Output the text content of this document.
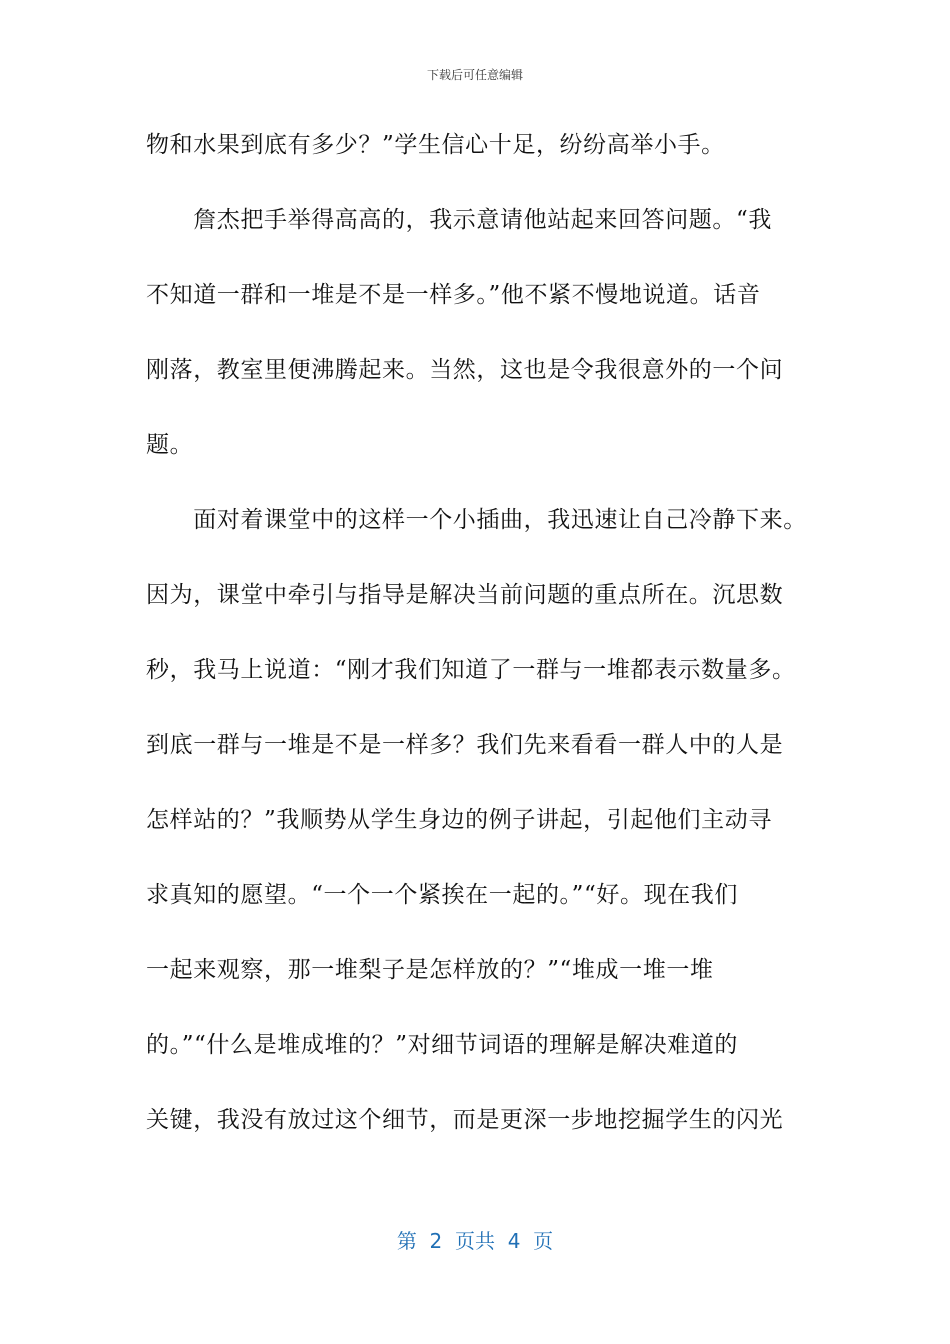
下载后可任意编辑
物和水果到底有多少？”学生信心十足，纷纷高举小手。
　　詹杰把手举得高高的，我示意请他站起来回答问题。“我
不知道一群和一堆是不是一样多。”他不紧不慢地说道。话音
刚落，教室里便沸腾起来。当然，这也是令我很意外的一个问
题。
　　面对着课堂中的这样一个小插曲，我迅速让自己冷静下来。
因为，课堂中牵引与指导是解决当前问题的重点所在。沉思数
秒，我马上说道：“刚才我们知道了一群与一堆都表示数量多。
到底一群与一堆是不是一样多？我们先来看看一群人中的人是
怎样站的？”我顺势从学生身边的例子讲起，引起他们主动寻
求真知的愿望。“一个一个紧挨在一起的。”“好。现在我们
一起来观察，那一堆梨子是怎样放的？”“堆成一堆一堆
的。”“什么是堆成堆的？”对细节词语的理解是解决难道的
关键，我没有放过这个细节，而是更深一步地挖掘学生的闪光
第  2  页共  4  页
